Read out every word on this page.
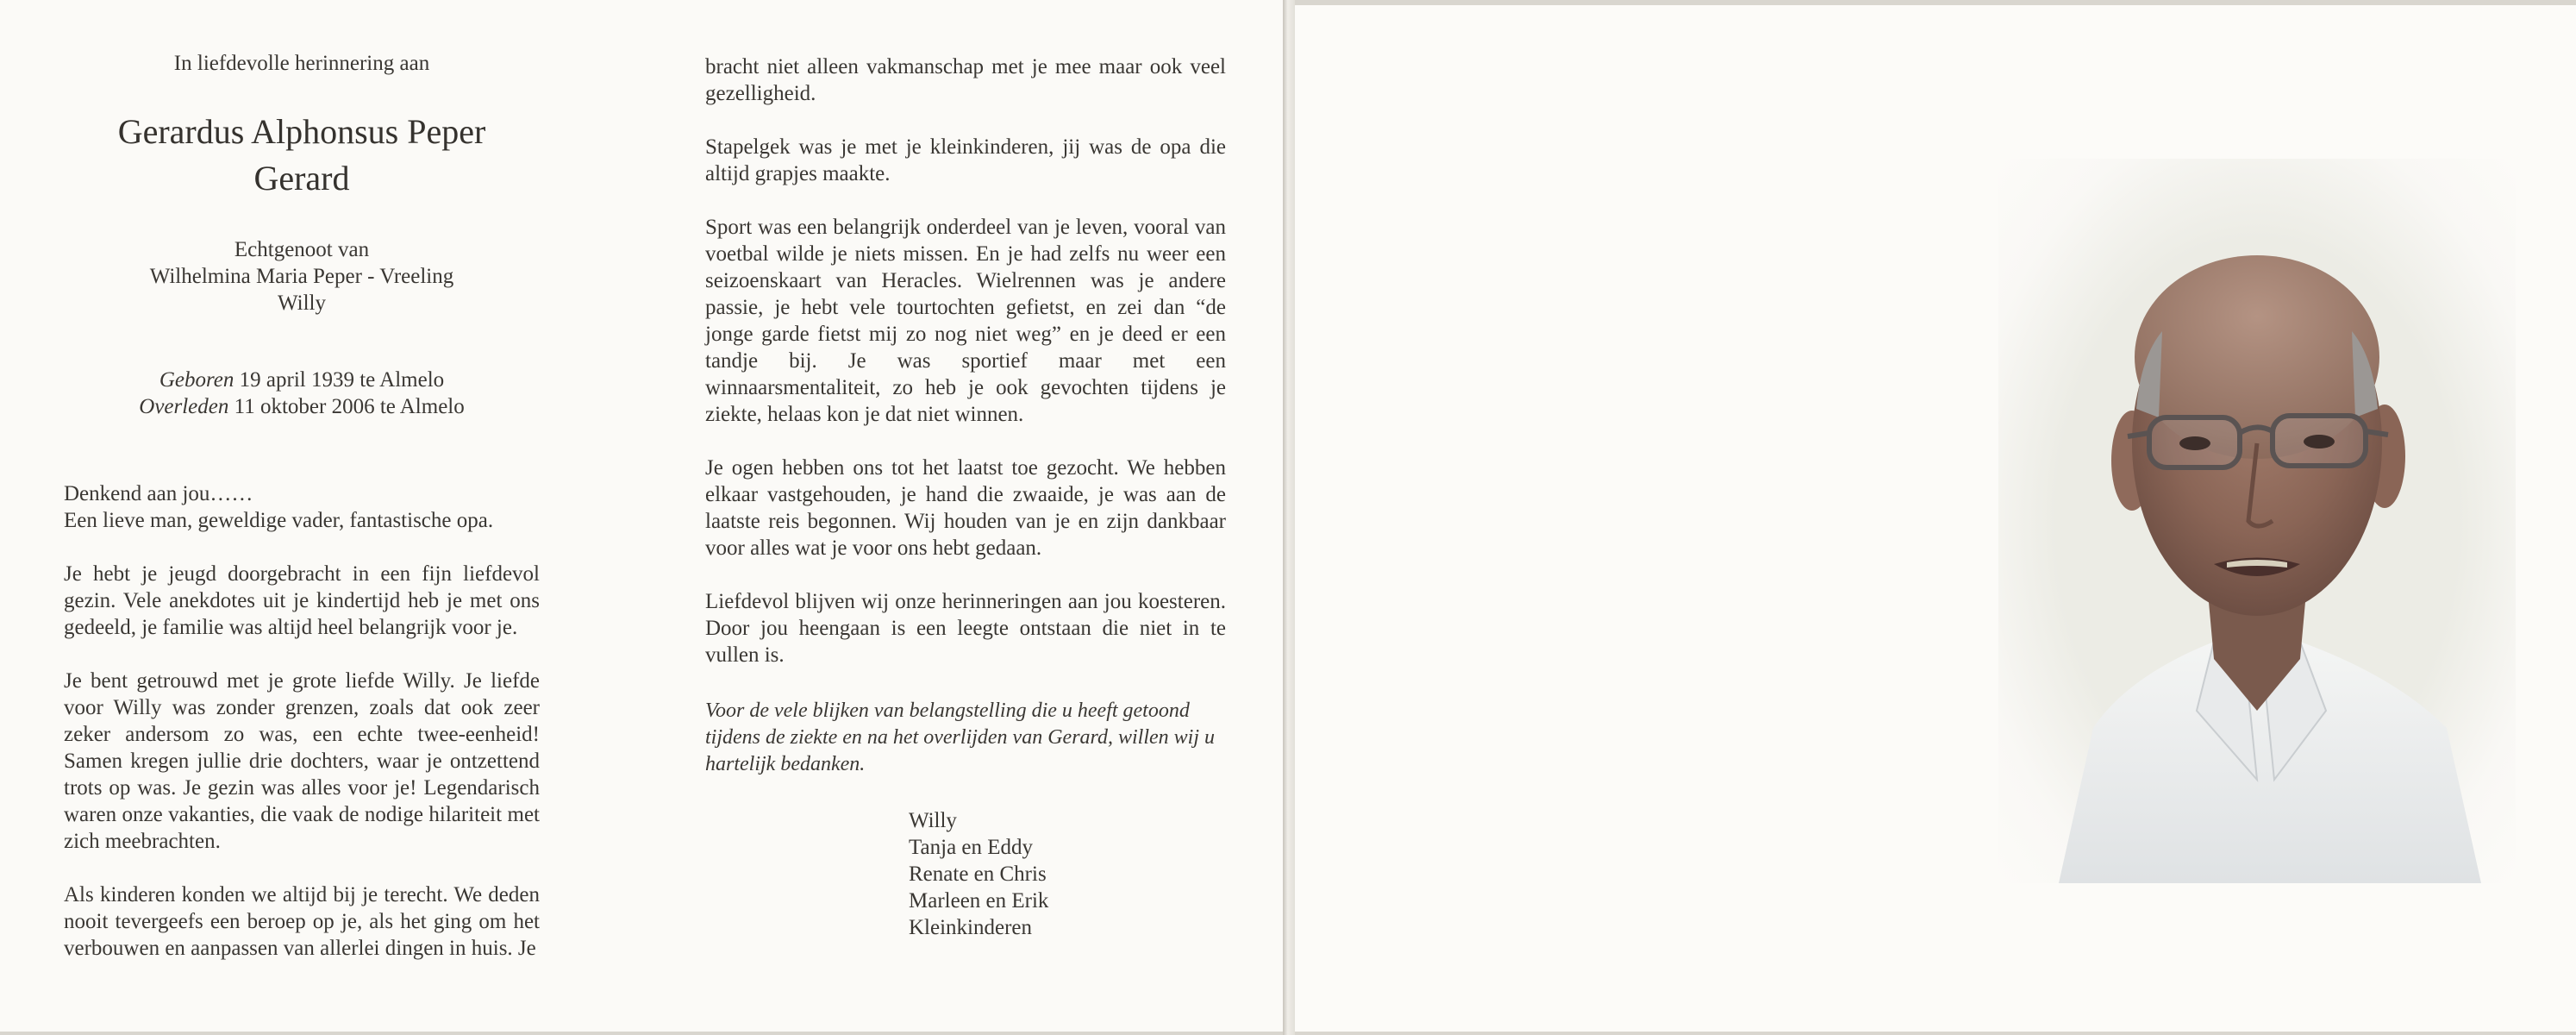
In liefdevolle herinnering aan
Gerardus Alphonsus Peper
Gerard
Echtgenoot van
Wilhelmina Maria Peper - Vreeling
Willy
Geboren 19 april 1939 te Almelo
Overleden 11 oktober 2006 te Almelo
Denkend aan jou……
Een lieve man, geweldige vader, fantastische opa.

Je hebt je jeugd doorgebracht in een fijn liefdevol gezin. Vele anekdotes uit je kindertijd heb je met ons gedeeld, je familie was altijd heel belangrijk voor je.

Je bent getrouwd met je grote liefde Willy. Je liefde voor Willy was zonder grenzen, zoals dat ook zeer zeker andersom zo was, een echte twee-eenheid! Samen kregen jullie drie dochters, waar je ontzettend trots op was. Je gezin was alles voor je! Legendarisch waren onze vakanties, die vaak de nodige hilariteit met zich meebrachten.

Als kinderen konden we altijd bij je terecht. We deden nooit tevergeefs een beroep op je, als het ging om het verbouwen en aanpassen van allerlei dingen in huis. Je

bracht niet alleen vakmanschap met je mee maar ook veel gezelligheid.

Stapelgek was je met je kleinkinderen, jij was de opa die altijd grapjes maakte.

Sport was een belangrijk onderdeel van je leven, vooral van voetbal wilde je niets missen. En je had zelfs nu weer een seizoenskaart van Heracles. Wielrennen was je andere passie, je hebt vele tourtochten gefietst, en zei dan “de jonge garde fietst mij zo nog niet weg” en je deed er een tandje bij. Je was sportief maar met een winnaarsmentaliteit, zo heb je ook gevochten tijdens je ziekte, helaas kon je dat niet winnen.

Je ogen hebben ons tot het laatst toe gezocht. We hebben elkaar vastgehouden, je hand die zwaaide, je was aan de laatste reis begonnen. Wij houden van je en zijn dankbaar voor alles wat je voor ons hebt gedaan.

Liefdevol blijven wij onze herinneringen aan jou koesteren. Door jou heengaan is een leegte ontstaan die niet in te vullen is.

Voor de vele blijken van belangstelling die u heeft getoond tijdens de ziekte en na het overlijden van Gerard, willen wij u hartelijk bedanken.

Willy
Tanja en Eddy
Renate en Chris
Marleen en Erik
Kleinkinderen
